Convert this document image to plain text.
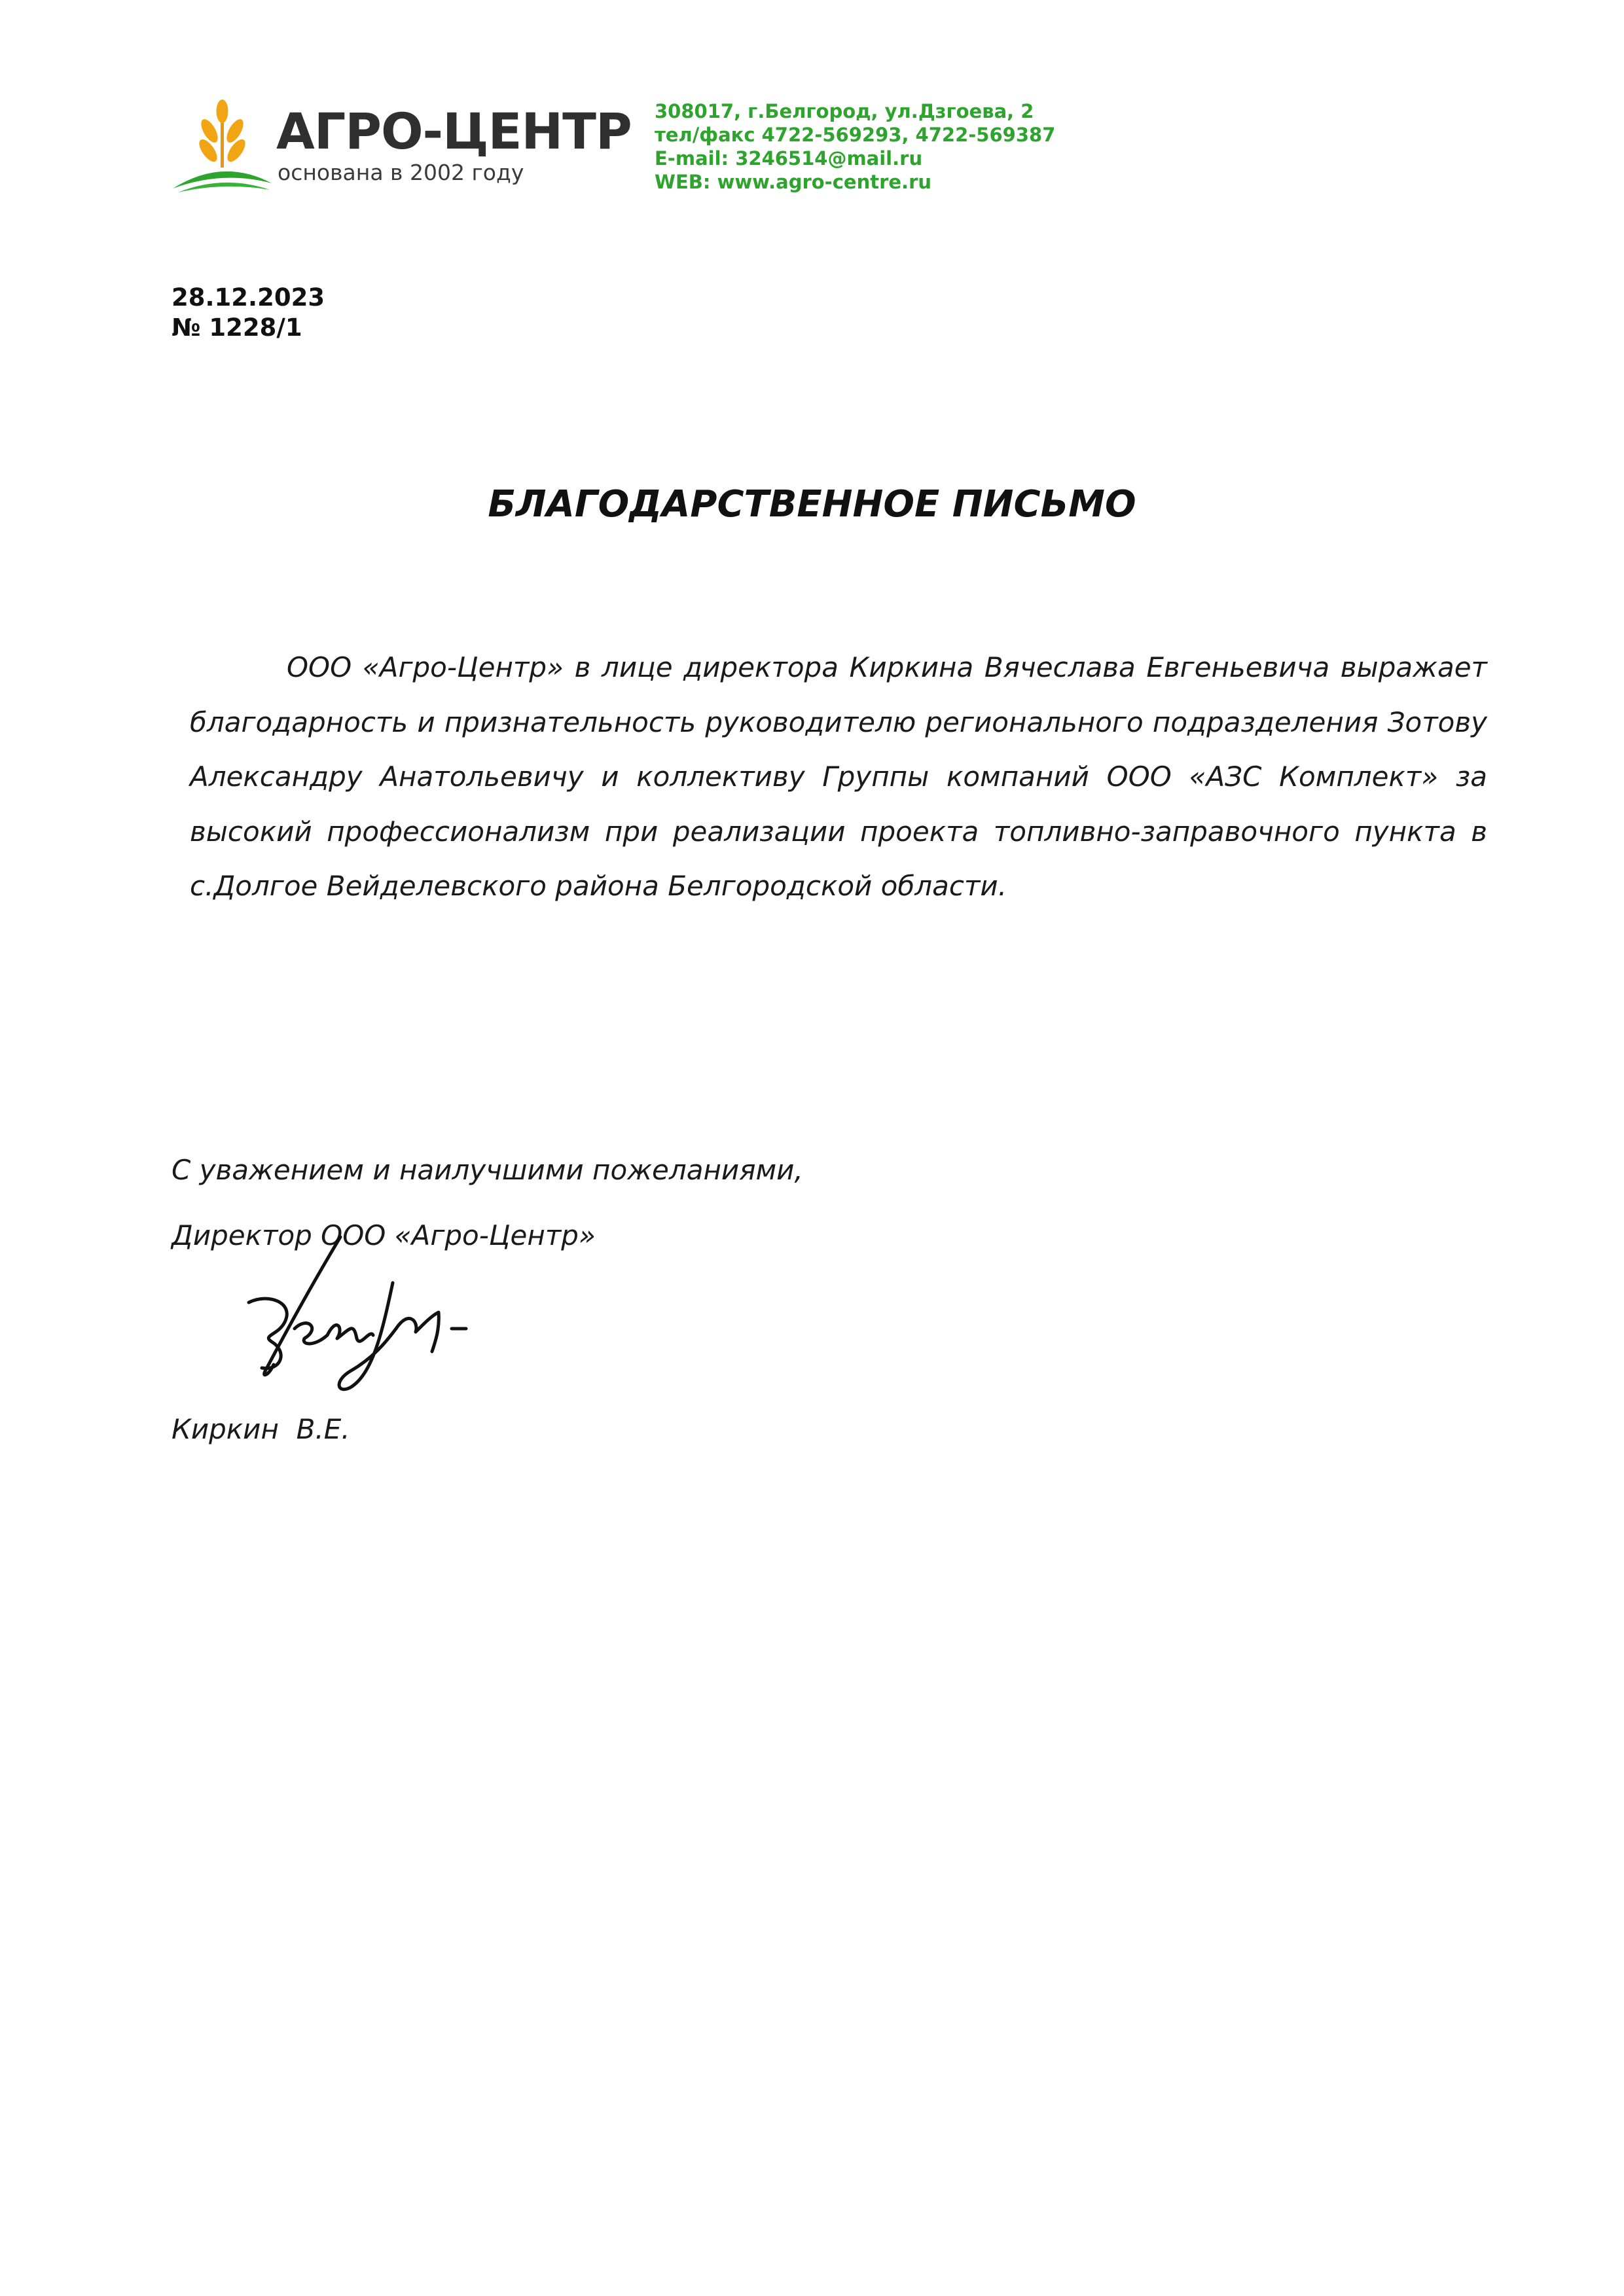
АГРО-ЦЕНТР
основана в 2002 году
308017, г.Белгород, ул.Дзгоева, 2
тел/факс 4722-569293, 4722-569387
E-mail: 3246514@mail.ru
WEB: www.agro-centre.ru
28.12.2023
№ 1228/1
БЛАГОДАРСТВЕННОЕ ПИСЬМО
ООО «Агро-Центр» в лице директора Киркина Вячеслава Евгеньевича выражает благодарность и признательность руководителю регионального подразделения Зотову Александру Анатольевичу и коллективу Группы компаний ООО «АЗС Комплект» за высокий профессионализм при реализации проекта топливно-заправочного пункта в с.Долгое Вейделевского района Белгородской области.
С уважением и наилучшими пожеланиями,
Директор ООО «Агро-Центр»
Киркин  В.Е.
